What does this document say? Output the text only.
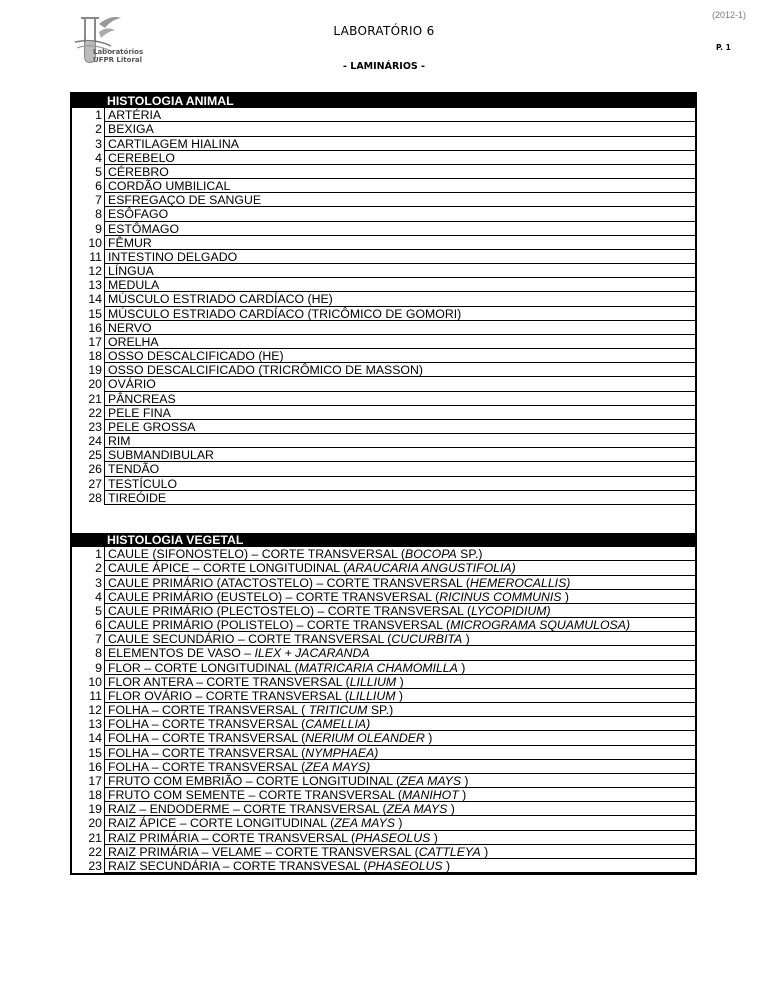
Laboratórios
UFPR Litoral
(2012-1)
LABORATÓRIO 6
P. 1
- LAMINÁRIOS -
HISTOLOGIA ANIMAL
1 ARTÉRIA
2 BEXIGA
3 CARTILAGEM HIALINA
4 CEREBELO
5 CÉREBRO
6 CORDÃO UMBILICAL
7 ESFREGAÇO DE SANGUE
8 ESÔFAGO
9 ESTÔMAGO
10 FÊMUR
11 INTESTINO DELGADO
12 LÍNGUA
13 MEDULA
14 MÚSCULO ESTRIADO CARDÍACO (HE)
15 MÚSCULO ESTRIADO CARDÍACO (TRICÔMICO DE GOMORI)
16 NERVO
17 ORELHA
18 OSSO DESCALCIFICADO (HE)
19 OSSO DESCALCIFICADO (TRICRÔMICO DE MASSON)
20 OVÁRIO
21 PÂNCREAS
22 PELE FINA
23 PELE GROSSA
24 RIM
25 SUBMANDIBULAR
26 TENDÃO
27 TESTÍCULO
28 TIREÓIDE
HISTOLOGIA VEGETAL
1 CAULE (SIFONOSTELO) – CORTE TRANSVERSAL (BOCOPA SP.)
2 CAULE ÁPICE – CORTE LONGITUDINAL (ARAUCARIA ANGUSTIFOLIA)
3 CAULE PRIMÁRIO (ATACTOSTELO) – CORTE TRANSVERSAL (HEMEROCALLIS)
4 CAULE PRIMÁRIO (EUSTELO) – CORTE TRANSVERSAL (RICINUS COMMUNIS )
5 CAULE PRIMÁRIO (PLECTOSTELO) – CORTE TRANSVERSAL (LYCOPIDIUM)
6 CAULE PRIMÁRIO (POLISTELO) – CORTE TRANSVERSAL (MICROGRAMA SQUAMULOSA)
7 CAULE SECUNDÁRIO – CORTE TRANSVERSAL (CUCURBITA )
8 ELEMENTOS DE VASO – ILEX + JACARANDA
9 FLOR – CORTE LONGITUDINAL (MATRICARIA CHAMOMILLA )
10 FLOR ANTERA – CORTE TRANSVERSAL (LILLIUM )
11 FLOR OVÁRIO – CORTE TRANSVERSAL (LILLIUM )
12 FOLHA – CORTE TRANSVERSAL ( TRITICUM SP.)
13 FOLHA – CORTE TRANSVERSAL (CAMELLIA)
14 FOLHA – CORTE TRANSVERSAL (NERIUM OLEANDER )
15 FOLHA – CORTE TRANSVERSAL (NYMPHAEA)
16 FOLHA – CORTE TRANSVERSAL (ZEA MAYS)
17 FRUTO COM EMBRIÃO – CORTE LONGITUDINAL (ZEA MAYS )
18 FRUTO COM SEMENTE – CORTE TRANSVERSAL (MANIHOT )
19 RAIZ – ENDODERME – CORTE TRANSVERSAL (ZEA MAYS )
20 RAIZ ÁPICE – CORTE LONGITUDINAL (ZEA MAYS )
21 RAIZ PRIMÁRIA – CORTE TRANSVERSAL (PHASEOLUS )
22 RAIZ PRIMÁRIA – VELAME – CORTE TRANSVERSAL (CATTLEYA )
23 RAIZ SECUNDÁRIA – CORTE TRANSVESAL (PHASEOLUS )
